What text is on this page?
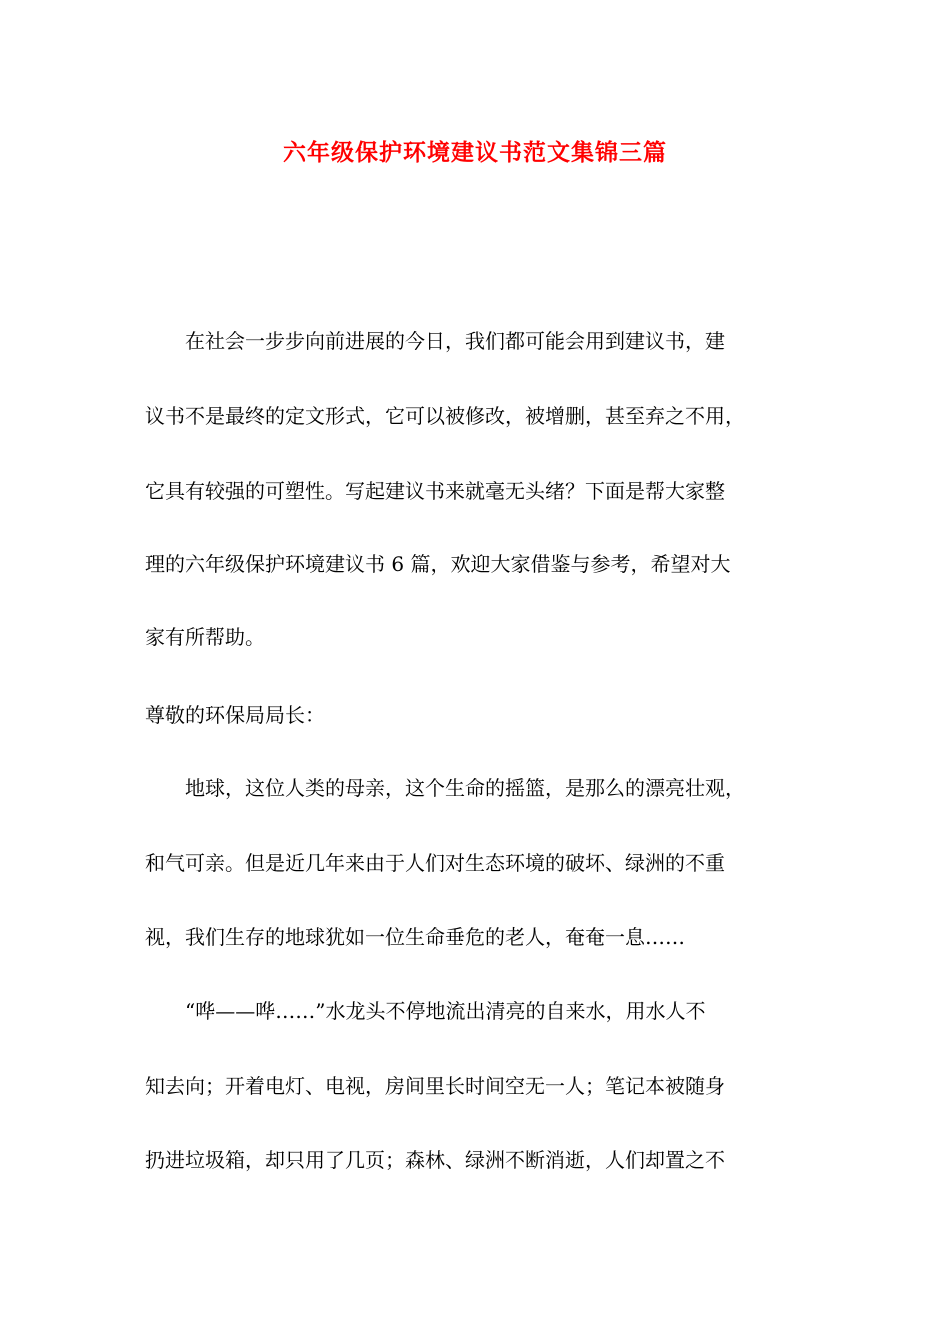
六年级保护环境建议书范文集锦三篇

　　在社会一步步向前进展的今日，我们都可能会用到建议书，建

议书不是最终的定文形式，它可以被修改，被增删，甚至弃之不用，

它具有较强的可塑性。写起建议书来就毫无头绪？下面是帮大家整

理的六年级保护环境建议书 6 篇，欢迎大家借鉴与参考，希望对大

家有所帮助。

尊敬的环保局局长：

　　地球，这位人类的母亲，这个生命的摇篮，是那么的漂亮壮观，

和气可亲。但是近几年来由于人们对生态环境的破坏、绿洲的不重

视，我们生存的地球犹如一位生命垂危的老人，奄奄一息……

　　“哗——哗……”水龙头不停地流出清亮的自来水，用水人不

知去向；开着电灯、电视，房间里长时间空无一人；笔记本被随身

扔进垃圾箱，却只用了几页；森林、绿洲不断消逝，人们却置之不
